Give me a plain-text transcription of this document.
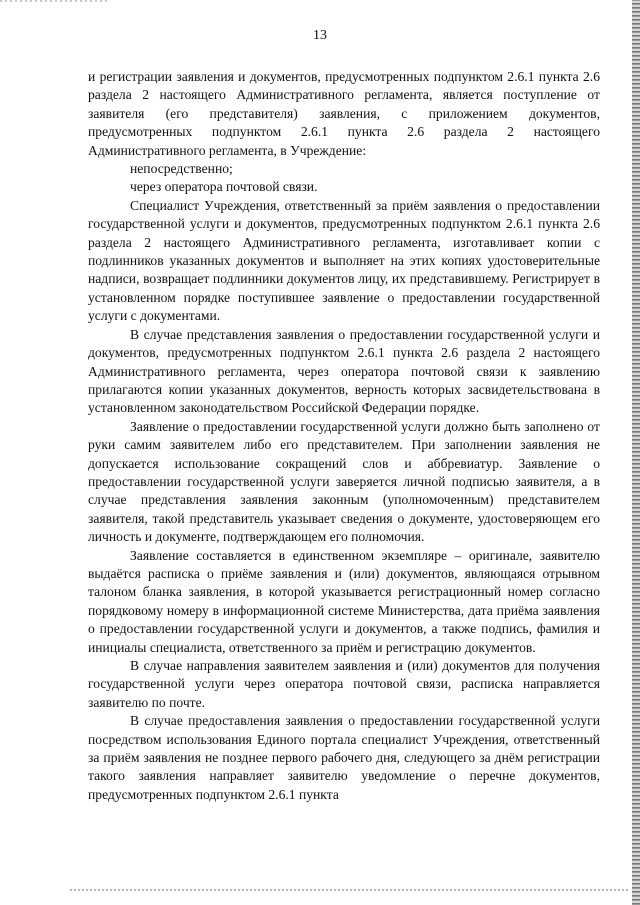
13

и регистрации заявления и документов, предусмотренных подпунктом 2.6.1 пункта 2.6 раздела 2 настоящего Административного регламента, является поступление от заявителя (его представителя) заявления, с приложением документов, предусмотренных подпунктом 2.6.1 пункта 2.6 раздела 2 настоящего Административного регламента, в Учреждение:

непосредственно;

через оператора почтовой связи.

Специалист Учреждения, ответственный за приём заявления о предоставлении государственной услуги и документов, предусмотренных подпунктом 2.6.1 пункта 2.6 раздела 2 настоящего Административного регламента, изготавливает копии с подлинников указанных документов и выполняет на этих копиях удостоверительные надписи, возвращает подлинники документов лицу, их представившему. Регистрирует в установленном порядке поступившее заявление о предоставлении государственной услуги с документами.

В случае представления заявления о предоставлении государственной услуги и документов, предусмотренных подпунктом 2.6.1 пункта 2.6 раздела 2 настоящего Административного регламента, через оператора почтовой связи к заявлению прилагаются копии указанных документов, верность которых засвидетельствована в установленном законодательством Российской Федерации порядке.

Заявление о предоставлении государственной услуги должно быть заполнено от руки самим заявителем либо его представителем. При заполнении заявления не допускается использование сокращений слов и аббревиатур. Заявление о предоставлении государственной услуги заверяется личной подписью заявителя, а в случае представления заявления законным (уполномоченным) представителем заявителя, такой представитель указывает сведения о документе, удостоверяющем его личность и документе, подтверждающем его полномочия.

Заявление составляется в единственном экземпляре – оригинале, заявителю выдаётся расписка о приёме заявления и (или) документов, являющаяся отрывном талоном бланка заявления, в которой указывается регистрационный номер согласно порядковому номеру в информационной системе Министерства, дата приёма заявления о предоставлении государственной услуги и документов, а также подпись, фамилия и инициалы специалиста, ответственного за приём и регистрацию документов.

В случае направления заявителем заявления и (или) документов для получения государственной услуги через оператора почтовой связи, расписка направляется заявителю по почте.

В случае предоставления заявления о предоставлении государственной услуги посредством использования Единого портала специалист Учреждения, ответственный за приём заявления не позднее первого рабочего дня, следующего за днём регистрации такого заявления направляет заявителю уведомление о перечне документов, предусмотренных подпунктом 2.6.1 пункта
